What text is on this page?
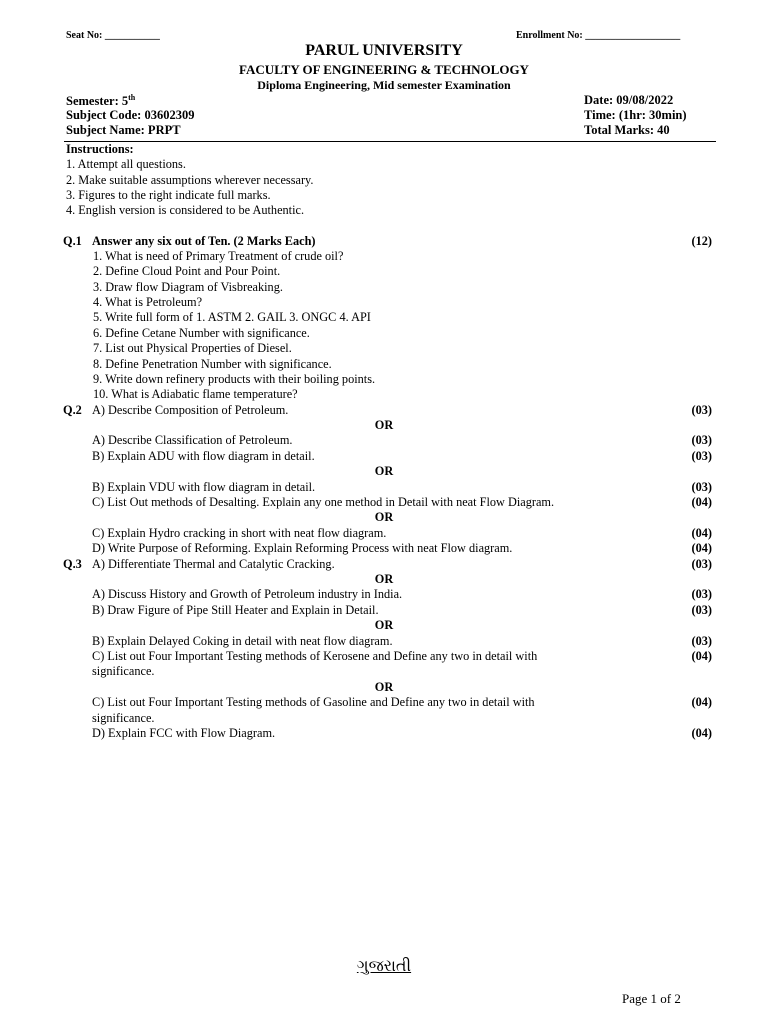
Seat No: ___________	Enrollment No: ___________________
PARUL UNIVERSITY
FACULTY OF ENGINEERING & TECHNOLOGY
Diploma Engineering, Mid semester Examination
Semester: 5th
Subject Code: 03602309
Subject Name: PRPT
Date: 09/08/2022
Time: (1hr: 30min)
Total Marks: 40
Instructions:
1. Attempt all questions.
2. Make suitable assumptions wherever necessary.
3. Figures to the right indicate full marks.
4. English version is considered to be Authentic.
Q.1 Answer any six out of Ten. (2 Marks Each)	(12)
1. What is need of Primary Treatment of crude oil?
2. Define Cloud Point and Pour Point.
3. Draw flow Diagram of Visbreaking.
4. What is Petroleum?
5. Write full form of 1. ASTM 2. GAIL 3. ONGC 4. API
6. Define Cetane Number with significance.
7. List out Physical Properties of Diesel.
8. Define Penetration Number with significance.
9. Write down refinery products with their boiling points.
10. What is Adiabatic flame temperature?
Q.2 A) Describe Composition of Petroleum.	(03)
OR
A) Describe Classification of Petroleum.	(03)
B) Explain ADU with flow diagram in detail.	(03)
OR
B) Explain VDU with flow diagram in detail.	(03)
C) List Out methods of Desalting. Explain any one method in Detail with neat Flow Diagram.	(04)
OR
C) Explain Hydro cracking in short with neat flow diagram.	(04)
D) Write Purpose of Reforming. Explain Reforming Process with neat Flow diagram.	(04)
Q.3 A) Differentiate Thermal and Catalytic Cracking.	(03)
OR
A) Discuss History and Growth of Petroleum industry in India.	(03)
B) Draw Figure of Pipe Still Heater and Explain in Detail.	(03)
OR
B) Explain Delayed Coking in detail with neat flow diagram.	(03)
C) List out Four Important Testing methods of Kerosene and Define any two in detail with
significance.
(04)
OR
C) List out Four Important Testing methods of Gasoline and Define any two in detail with
significance.
(04)
D) Explain FCC with Flow Diagram.	(04)
ગુજરાતી
Page 1 of 2
